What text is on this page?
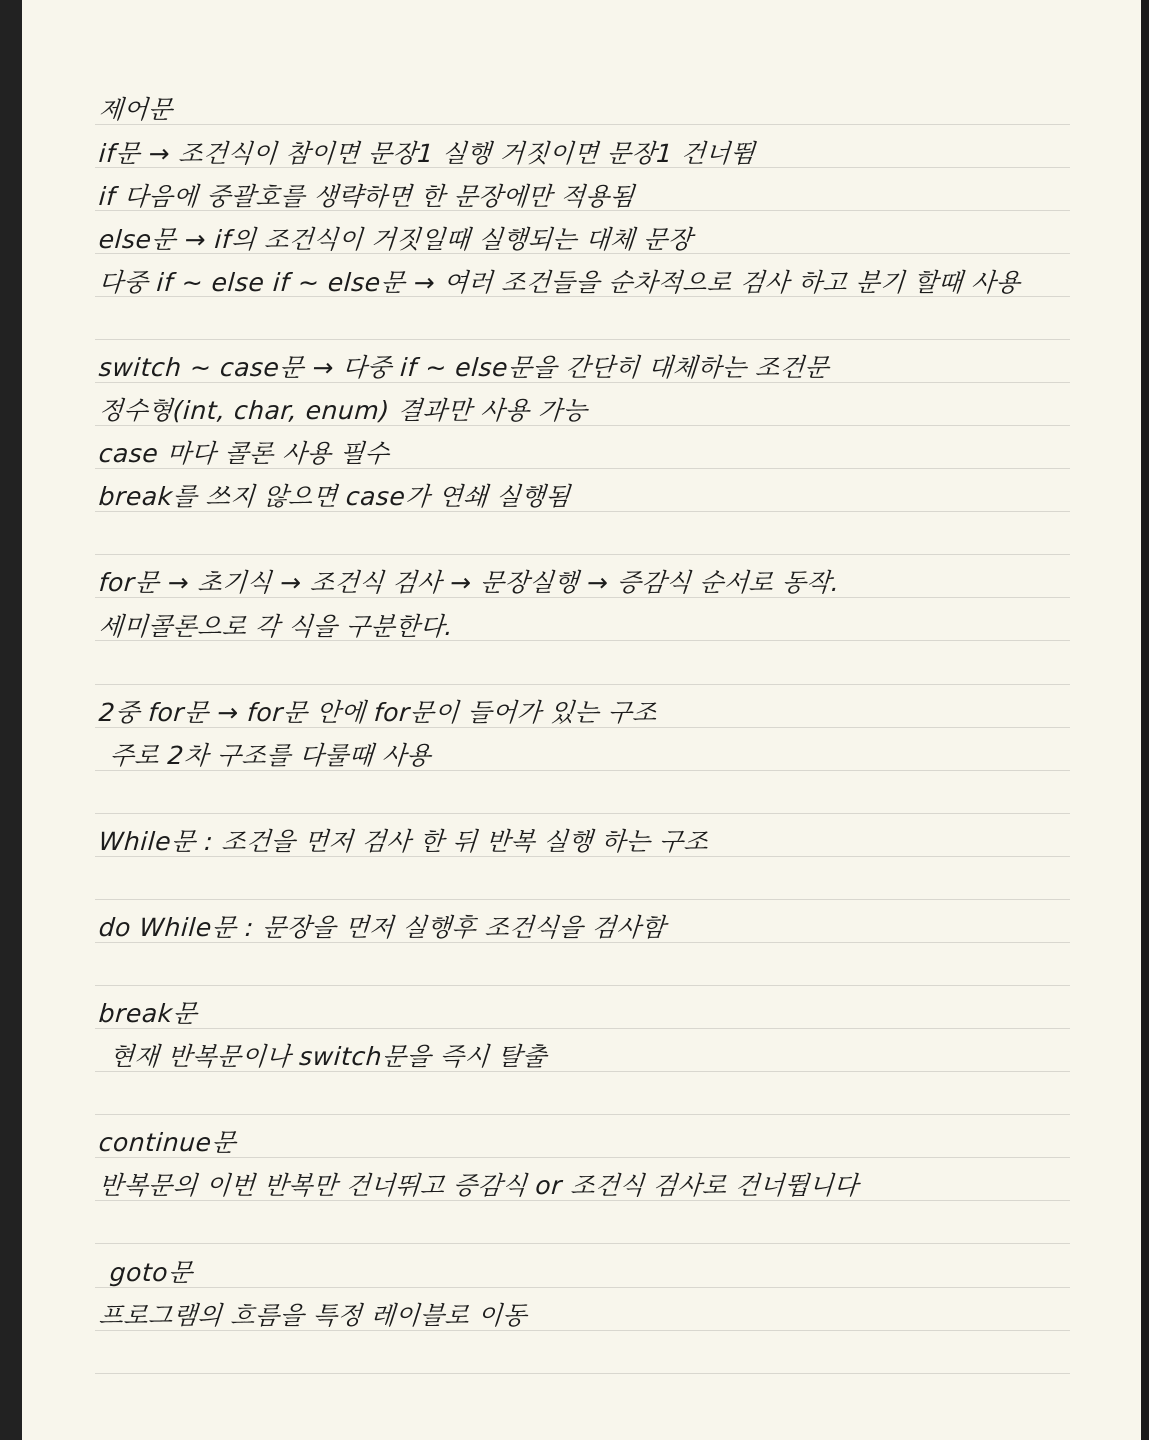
제어문
if문 → 조건식이 참이면 문장1 실행 거짓이면 문장1 건너뜀
if 다음에 중괄호를 생략하면 한 문장에만 적용됨
else문 → if의 조건식이 거짓일때 실행되는 대체 문장
다중 if ~ else if ~ else문 → 여러 조건들을 순차적으로 검사 하고 분기 할때 사용
switch ~ case문 → 다중 if ~ else문을 간단히 대체하는 조건문
정수형(int, char, enum) 결과만 사용 가능
case 마다 콜론 사용 필수
break를 쓰지 않으면 case가 연쇄 실행됨
for문 → 초기식 → 조건식 검사 → 문장실행 → 증감식 순서로 동작.
세미콜론으로 각 식을 구분한다.
2중 for문 → for문 안에 for문이 들어가 있는 구조
주로 2차 구조를 다룰때 사용
While문 : 조건을 먼저 검사 한 뒤 반복 실행 하는 구조
do While문 : 문장을 먼저 실행후 조건식을 검사함
break문
현재 반복문이나 switch문을 즉시 탈출
continue문
반복문의 이번 반복만 건너뛰고 증감식 or 조건식 검사로 건너뜁니다
goto문
프로그램의 흐름을 특정 레이블로 이동
